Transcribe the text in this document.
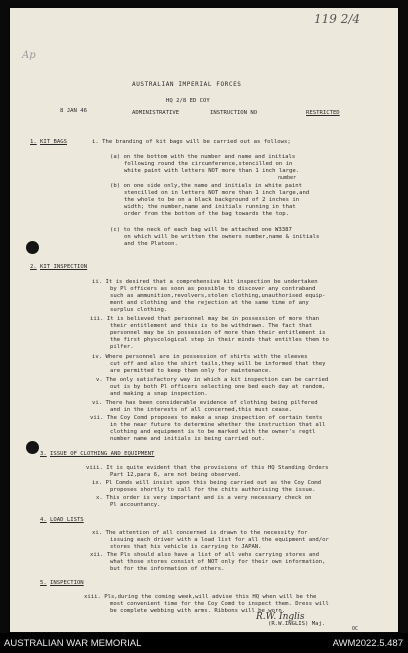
119 2/4
Ap
AUSTRALIAN IMPERIAL FORCES
HQ 2/8 ED COY
8 JAN 46	ADMINISTRATIVE	INSTRUCTION NO	RESTRICTED
1. KIT BAGS	i. The branding of kit bags will be carried out as follows;
(a) on the bottom with the number and name and initials
following round the circumference,stencilled on in
white paint with letters NOT more than 1 inch large.
number
(b) on one side only,the name and initials in white paint
stencilled on in letters NOT more than 1 inch large,and
the whole to be on a black background of 2 inches in
width; the number,name and initials running in that
order from the bottom of the bag towards the top.
(c) to the neck of each bag will be attached one W3387
on which will be written the owners number,name & initials
and the Platoon.
2. KIT INSPECTION
ii. It is desired that a comprehensive kit inspection be undertaken
by Pl officers as soon as possible to discover any contraband
such as ammunition,revolvers,stolen clothing,unauthorised equip-
ment and clothing and the rejection at the same time of any
surplus clothing.
iii. It is believed that personnel may be in possession of more than
their entitlement and this is to be withdrawn. The fact that
personnel may be in possession of more than their entitlement is
the first physcological step in their minds that entitles them to
pilfer.
iv. Where personnel are in possession of shirts with the sleeves
cut off and also the shirt tails,they will be informed that they
are permitted to keep them only for maintenance.
v. The only satisfactory way in which a kit inspection can be carried
out is by both Pl officers selecting one bed each day at random,
and making a snap inspection.
vi. There has been considerable evidence of clothing being pilfered
and in the interests of all concerned,this must cease.
vii. The Coy Comd proposes to make a snap inspection of certain tents
in the near future to determine whether the instruction that all
clothing and equipment is to be marked with the owner's regtl
number name and initials is being carried out.
3. ISSUE OF CLOTHING AND EQUIPMENT
viii. It is quite evident that the provisions of this HQ Standing Orders
Part 12,para 6, are not being observed.
ix. Pl Comds will insist upon this being carried out as the Coy Comd
proposes shortly to call for the chits authorising the issue.
x. This order is very important and is a very necessary check on
Pl accountancy.
4. LOAD LISTS
xi. The attention of all concerned is drawn to the necessity for
issuing each driver with a load list for all the equipment and/or
stores that his vehicle is carrying to JAPAN.
xii. The Pls should also have a list of all vehs carrying stores and
what those stores consist of NOT only for their own information,
but for the information of others.
5. INSPECTION
xiii. Pls,during the coming week,will advise this HQ when will be the
most convenient time for the Coy Comd to inspect them. Dress will
be complete webbing with arms. Ribbons will be worn.
R.W. Inglis
(R.W.INGLIS) Maj.
OC
AUSTRALIAN WAR MEMORIAL	AWM2022.5.487
